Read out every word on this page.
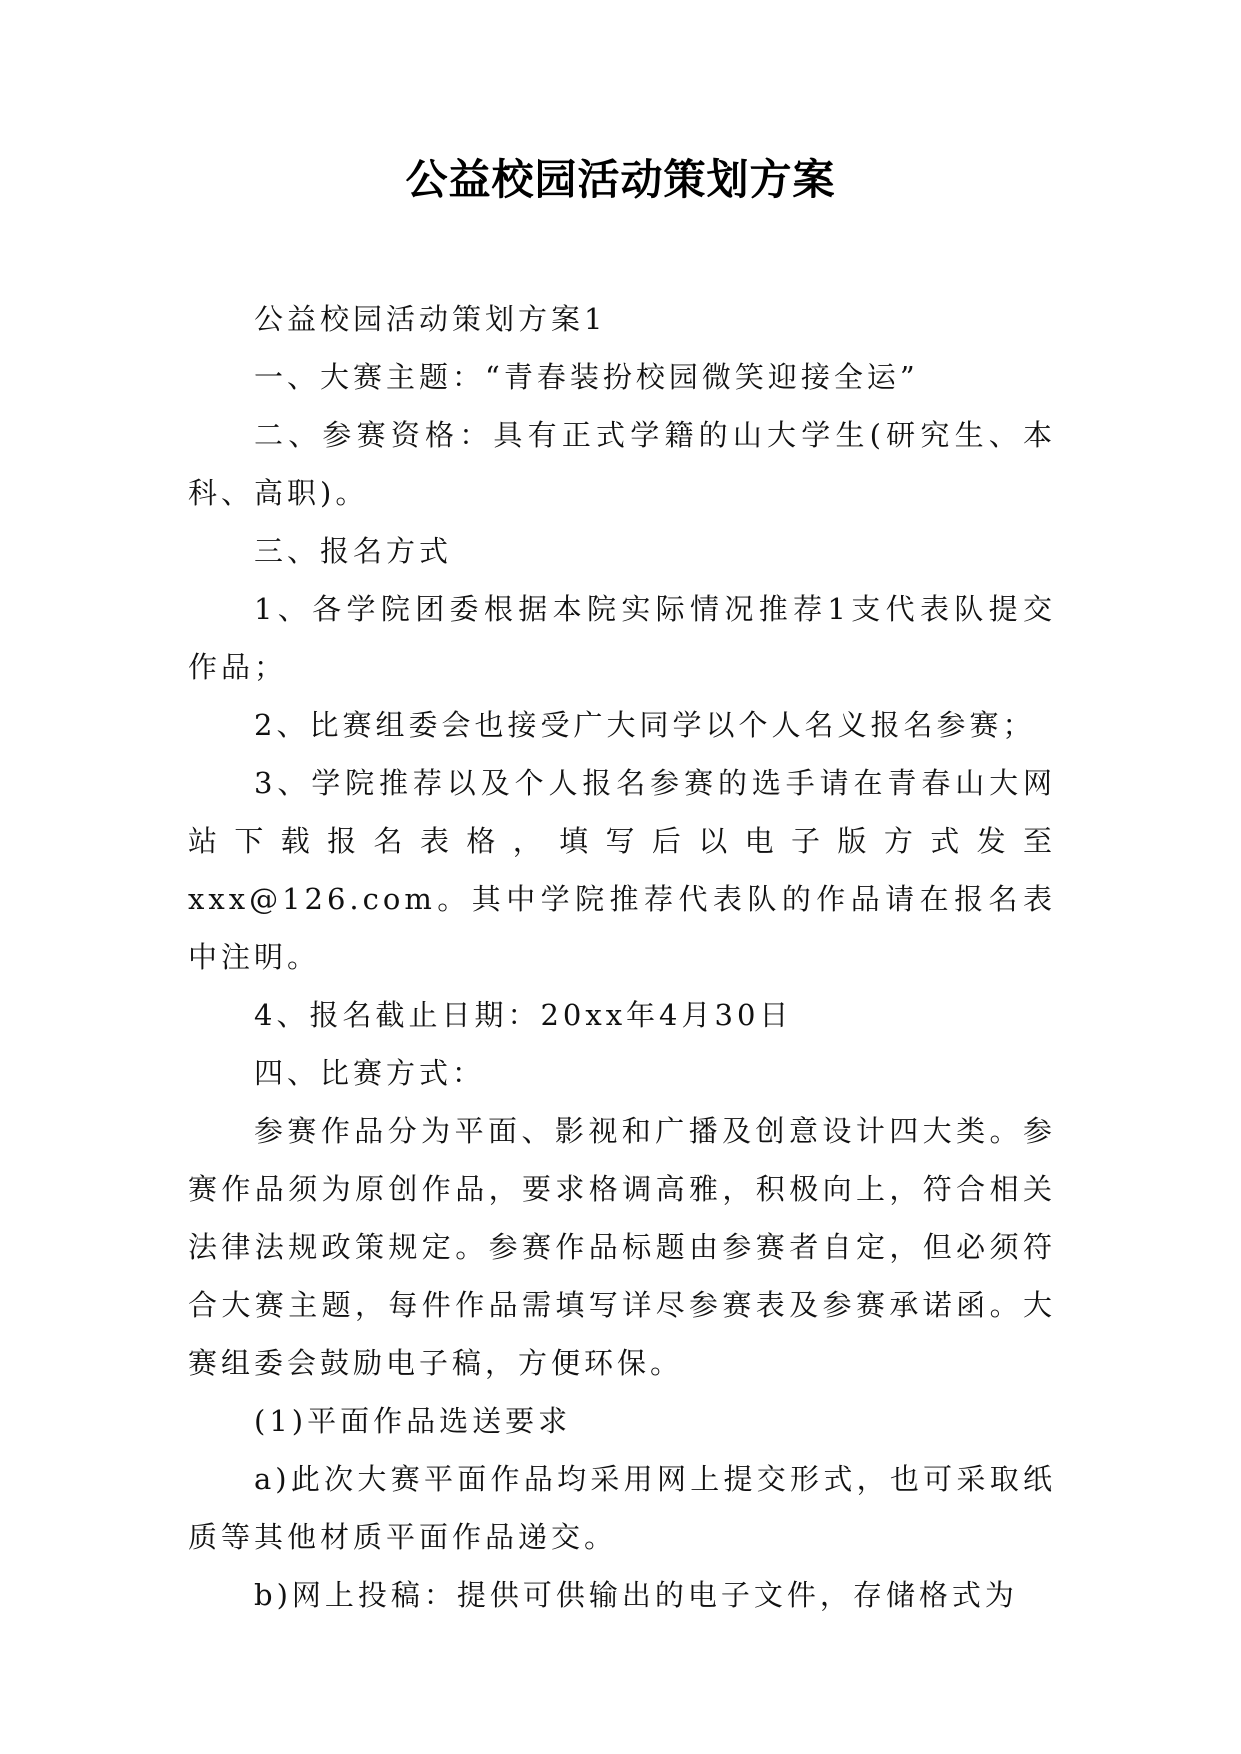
公益校园活动策划方案

公益校园活动策划方案1

一、大赛主题：“青春装扮校园微笑迎接全运”

二、参赛资格：具有正式学籍的山大学生(研究生、本科、高职)。

三、报名方式

1、各学院团委根据本院实际情况推荐1支代表队提交作品；

2、比赛组委会也接受广大同学以个人名义报名参赛；

3、学院推荐以及个人报名参赛的选手请在青春山大网站下载报名表格，填写后以电子版方式发至xxx@126.com。其中学院推荐代表队的作品请在报名表中注明。

4、报名截止日期：20xx年4月30日

四、比赛方式：

参赛作品分为平面、影视和广播及创意设计四大类。参赛作品须为原创作品，要求格调高雅，积极向上，符合相关法律法规政策规定。参赛作品标题由参赛者自定，但必须符合大赛主题，每件作品需填写详尽参赛表及参赛承诺函。大赛组委会鼓励电子稿，方便环保。

(1)平面作品选送要求

a)此次大赛平面作品均采用网上提交形式，也可采取纸质等其他材质平面作品递交。

b)网上投稿：提供可供输出的电子文件，存储格式为
